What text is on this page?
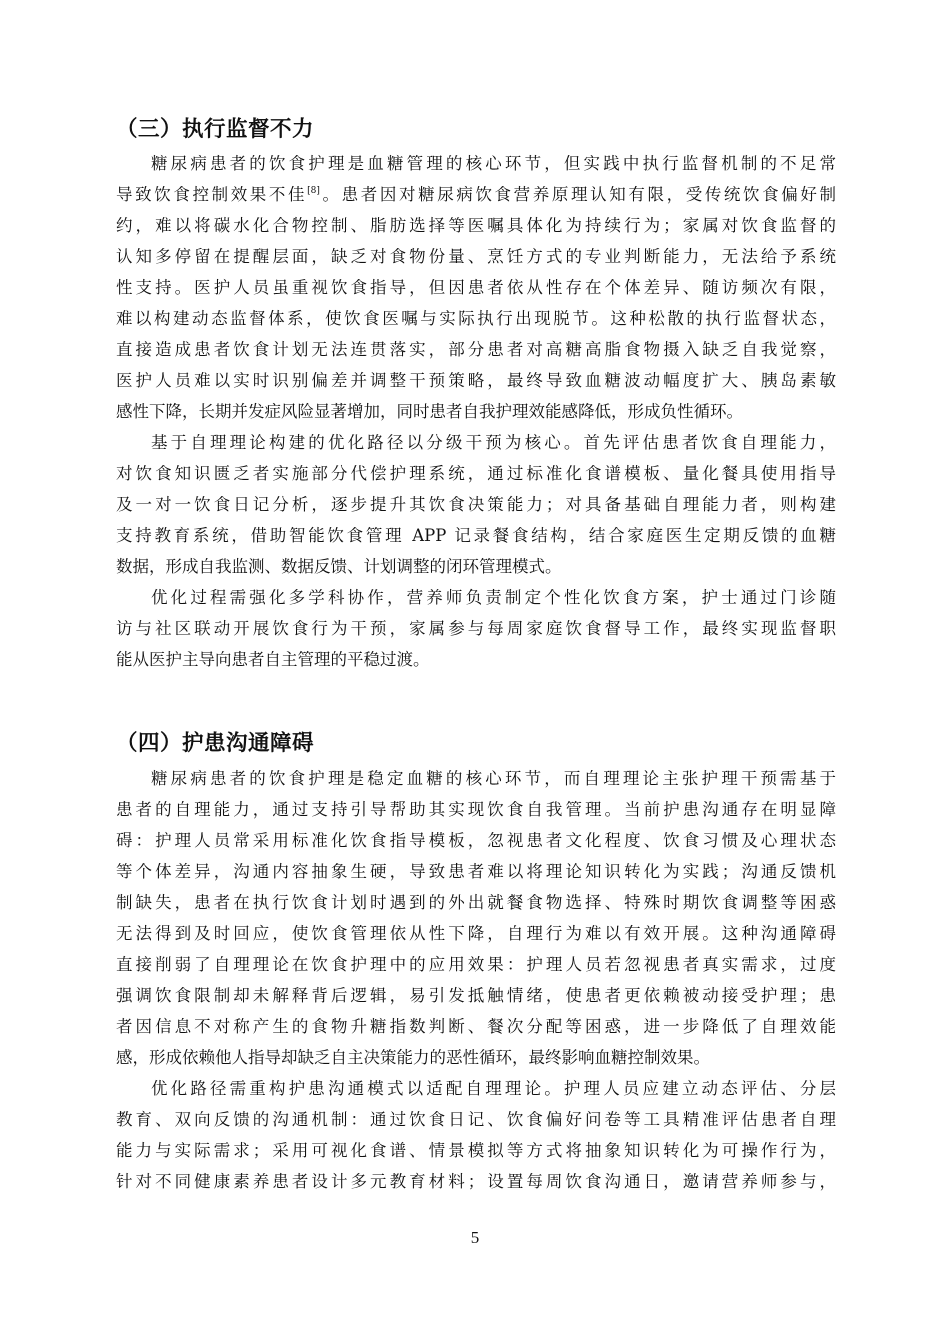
（三）执行监督不力
糖尿病患者的饮食护理是血糖管理的核心环节，但实践中执行监督机制的不足常
导致饮食控制效果不佳[8]。患者因对糖尿病饮食营养原理认知有限，受传统饮食偏好制
约，难以将碳水化合物控制、脂肪选择等医嘱具体化为持续行为；家属对饮食监督的
认知多停留在提醒层面，缺乏对食物份量、烹饪方式的专业判断能力，无法给予系统
性支持。医护人员虽重视饮食指导，但因患者依从性存在个体差异、随访频次有限，
难以构建动态监督体系，使饮食医嘱与实际执行出现脱节。这种松散的执行监督状态，
直接造成患者饮食计划无法连贯落实，部分患者对高糖高脂食物摄入缺乏自我觉察，
医护人员难以实时识别偏差并调整干预策略，最终导致血糖波动幅度扩大、胰岛素敏
感性下降，长期并发症风险显著增加，同时患者自我护理效能感降低，形成负性循环。
基于自理理论构建的优化路径以分级干预为核心。首先评估患者饮食自理能力，
对饮食知识匮乏者实施部分代偿护理系统，通过标准化食谱模板、量化餐具使用指导
及一对一饮食日记分析，逐步提升其饮食决策能力；对具备基础自理能力者，则构建
支持教育系统，借助智能饮食管理 APP 记录餐食结构，结合家庭医生定期反馈的血糖
数据，形成自我监测、数据反馈、计划调整的闭环管理模式。
优化过程需强化多学科协作，营养师负责制定个性化饮食方案，护士通过门诊随
访与社区联动开展饮食行为干预，家属参与每周家庭饮食督导工作，最终实现监督职
能从医护主导向患者自主管理的平稳过渡。
（四）护患沟通障碍
糖尿病患者的饮食护理是稳定血糖的核心环节，而自理理论主张护理干预需基于
患者的自理能力，通过支持引导帮助其实现饮食自我管理。当前护患沟通存在明显障
碍：护理人员常采用标准化饮食指导模板，忽视患者文化程度、饮食习惯及心理状态
等个体差异，沟通内容抽象生硬，导致患者难以将理论知识转化为实践；沟通反馈机
制缺失，患者在执行饮食计划时遇到的外出就餐食物选择、特殊时期饮食调整等困惑
无法得到及时回应，使饮食管理依从性下降，自理行为难以有效开展。这种沟通障碍
直接削弱了自理理论在饮食护理中的应用效果：护理人员若忽视患者真实需求，过度
强调饮食限制却未解释背后逻辑，易引发抵触情绪，使患者更依赖被动接受护理；患
者因信息不对称产生的食物升糖指数判断、餐次分配等困惑，进一步降低了自理效能
感，形成依赖他人指导却缺乏自主决策能力的恶性循环，最终影响血糖控制效果。
优化路径需重构护患沟通模式以适配自理理论。护理人员应建立动态评估、分层
教育、双向反馈的沟通机制：通过饮食日记、饮食偏好问卷等工具精准评估患者自理
能力与实际需求；采用可视化食谱、情景模拟等方式将抽象知识转化为可操作行为，
针对不同健康素养患者设计多元教育材料；设置每周饮食沟通日，邀请营养师参与，
5
